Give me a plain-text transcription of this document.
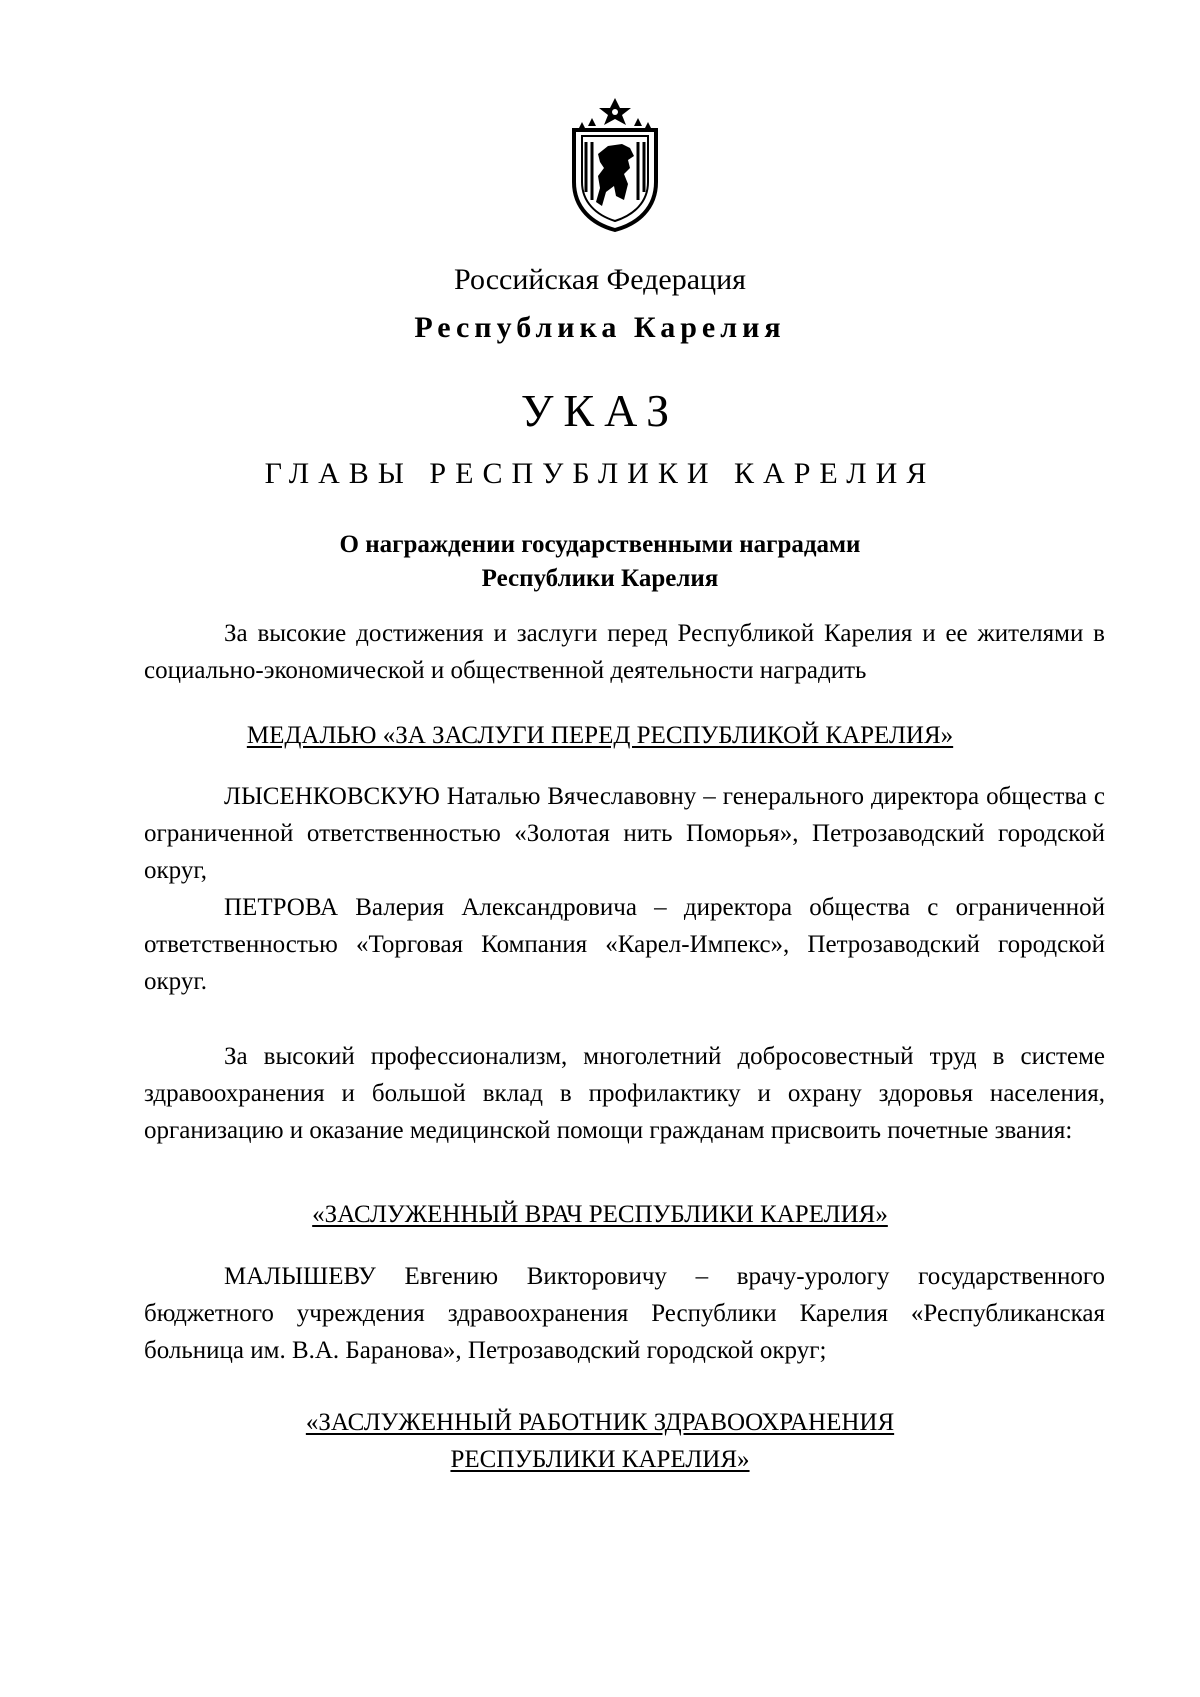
Российская Федерация
Республика Карелия
УКАЗ
ГЛАВЫ РЕСПУБЛИКИ КАРЕЛИЯ
О награждении государственными наградами
Республики Карелия
За высокие достижения и заслуги перед Республикой Карелия и ее жителями в социально-экономической и общественной деятельности наградить
МЕДАЛЬЮ «ЗА ЗАСЛУГИ ПЕРЕД РЕСПУБЛИКОЙ КАРЕЛИЯ»
ЛЫСЕНКОВСКУЮ Наталью Вячеславовну – генерального директора общества с ограниченной ответственностью «Золотая нить Поморья», Петрозаводский городской округ,
ПЕТРОВА Валерия Александровича – директора общества с ограниченной ответственностью «Торговая Компания «Карел-Импекс», Петрозаводский городской округ.
За высокий профессионализм, многолетний добросовестный труд в системе здравоохранения и большой вклад в профилактику и охрану здоровья населения, организацию и оказание медицинской помощи гражданам присвоить почетные звания:
«ЗАСЛУЖЕННЫЙ ВРАЧ РЕСПУБЛИКИ КАРЕЛИЯ»
МАЛЫШЕВУ Евгению Викторовичу – врачу-урологу государственного бюджетного учреждения здравоохранения Республики Карелия «Республиканская больница им. В.А. Баранова», Петрозаводский городской округ;
«ЗАСЛУЖЕННЫЙ РАБОТНИК ЗДРАВООХРАНЕНИЯ
РЕСПУБЛИКИ КАРЕЛИЯ»
